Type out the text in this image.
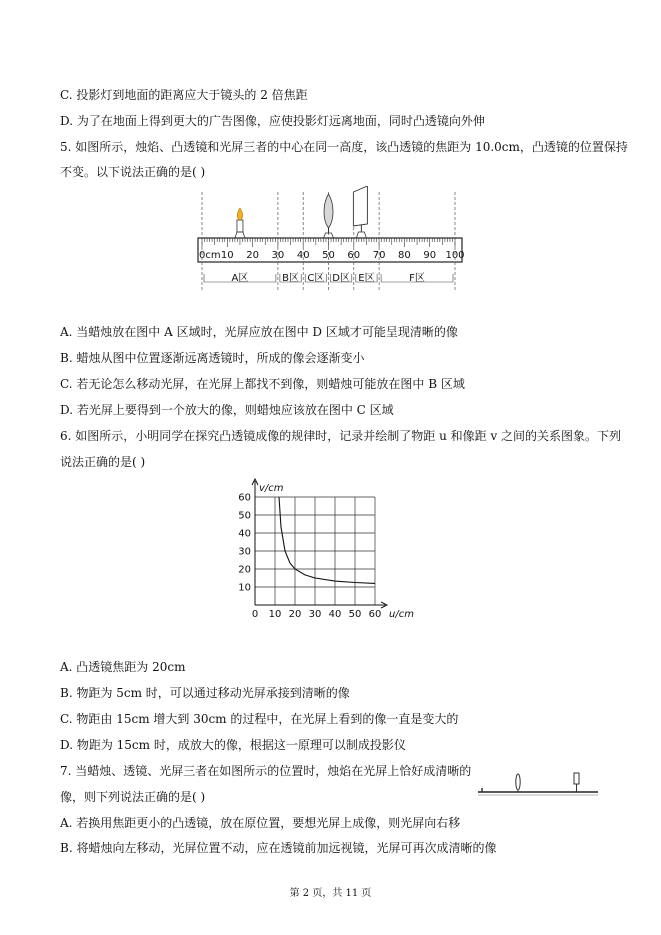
C. 投影灯到地面的距离应大于镜头的 2 倍焦距
D. 为了在地面上得到更大的广告图像，应使投影灯远离地面，同时凸透镜向外伸
5. 如图所示，烛焰、凸透镜和光屏三者的中心在同一高度，该凸透镜的焦距为 10.0cm，凸透镜的位置保持
不变。以下说法正确的是( )
0cm 10 20 30 40 50 60 70 80 90 100
A区	B区 C区 D区 E区	F区
A. 当蜡烛放在图中 A 区域时，光屏应放在图中 D 区域才可能呈现清晰的像
B. 蜡烛从图中位置逐渐远离透镜时，所成的像会逐渐变小
C. 若无论怎么移动光屏，在光屏上都找不到像，则蜡烛可能放在图中 B 区域
D. 若光屏上要得到一个放大的像，则蜡烛应该放在图中 C 区域
6. 如图所示，小明同学在探究凸透镜成像的规律时，记录并绘制了物距 u 和像距 v 之间的关系图象。下列
说法正确的是( )
0 10 20 30 40 50 60
10
20
30
40
50
60
u/cm
v/cm
A. 凸透镜焦距为 20cm
B. 物距为 5cm 时，可以通过移动光屏承接到清晰的像
C. 物距由 15cm 增大到 30cm 的过程中，在光屏上看到的像一直是变大的
D. 物距为 15cm 时，成放大的像，根据这一原理可以制成投影仪
7. 当蜡烛、透镜、光屏三者在如图所示的位置时，烛焰在光屏上恰好成清晰的
像，则下列说法正确的是( )
A. 若换用焦距更小的凸透镜，放在原位置，要想光屏上成像，则光屏向右移
B. 将蜡烛向左移动，光屏位置不动，应在透镜前加远视镜，光屏可再次成清晰的像
第 2 页，共 11 页
